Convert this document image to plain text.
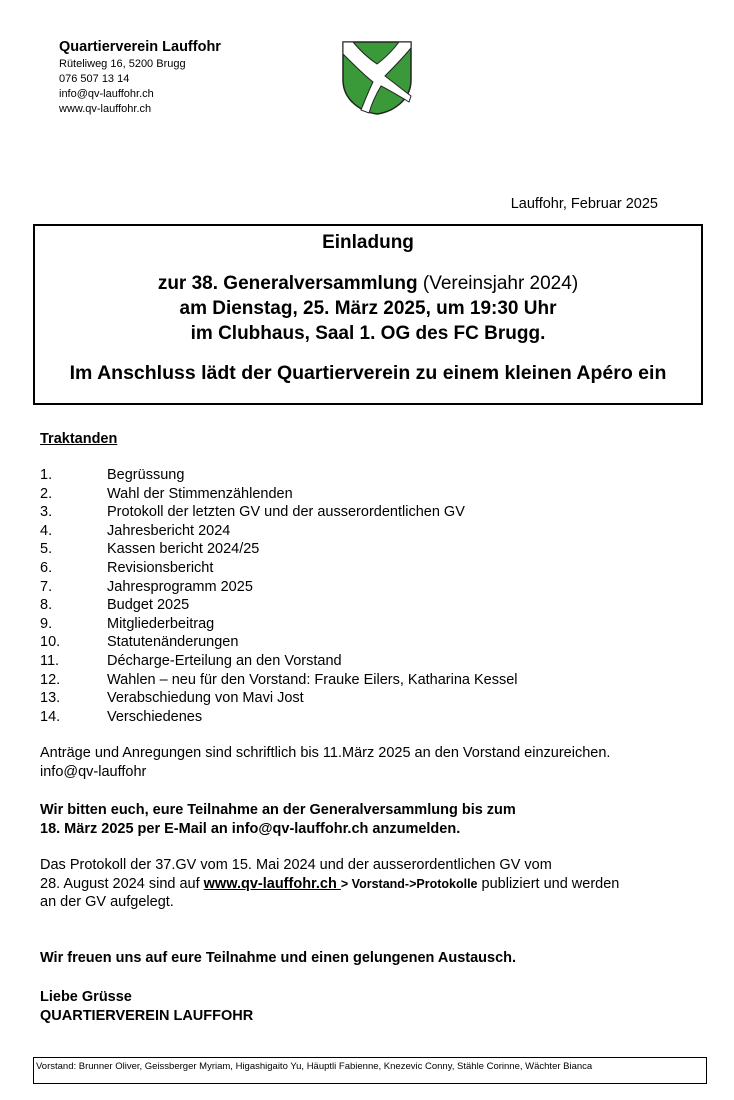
Quartierverein Lauffohr
Rüteliweg 16, 5200 Brugg
076 507 13 14
info@qv-lauffohr.ch
www.qv-lauffohr.ch
Lauffohr, Februar 2025
Einladung
zur 38. Generalversammlung (Vereinsjahr 2024)
am Dienstag, 25. März 2025, um 19:30 Uhr
im Clubhaus, Saal 1. OG des FC Brugg.
Im Anschluss lädt der Quartierverein zu einem kleinen Apéro ein
Traktanden
1.	Begrüssung
2.	Wahl der Stimmenzählenden
3.	Protokoll der letzten GV und der ausserordentlichen GV
4.	Jahresbericht 2024
5.	Kassen bericht 2024/25
6.	Revisionsbericht
7.	Jahresprogramm 2025
8.	Budget 2025
9.	Mitgliederbeitrag
10.	Statutenänderungen
11.	Décharge-Erteilung an den Vorstand
12.	Wahlen – neu für den Vorstand: Frauke Eilers, Katharina Kessel
13.	Verabschiedung von Mavi Jost
14.	Verschiedenes
Anträge und Anregungen sind schriftlich bis 11.März 2025 an den Vorstand einzureichen.
info@qv-lauffohr
Wir bitten euch, eure Teilnahme an der Generalversammlung bis zum
18. März 2025 per E-Mail an info@qv-lauffohr.ch anzumelden.
Das Protokoll der 37.GV vom 15. Mai 2024 und der ausserordentlichen GV vom
28. August 2024 sind auf www.qv-lauffohr.ch > Vorstand->Protokolle publiziert und werden
an der GV aufgelegt.
Wir freuen uns auf eure Teilnahme und einen gelungenen Austausch.
Liebe Grüsse
QUARTIERVEREIN LAUFFOHR
Vorstand: Brunner Oliver, Geissberger Myriam, Higashigaito Yu, Häuptli Fabienne, Knezevic Conny, Stähle Corinne, Wächter Bianca
